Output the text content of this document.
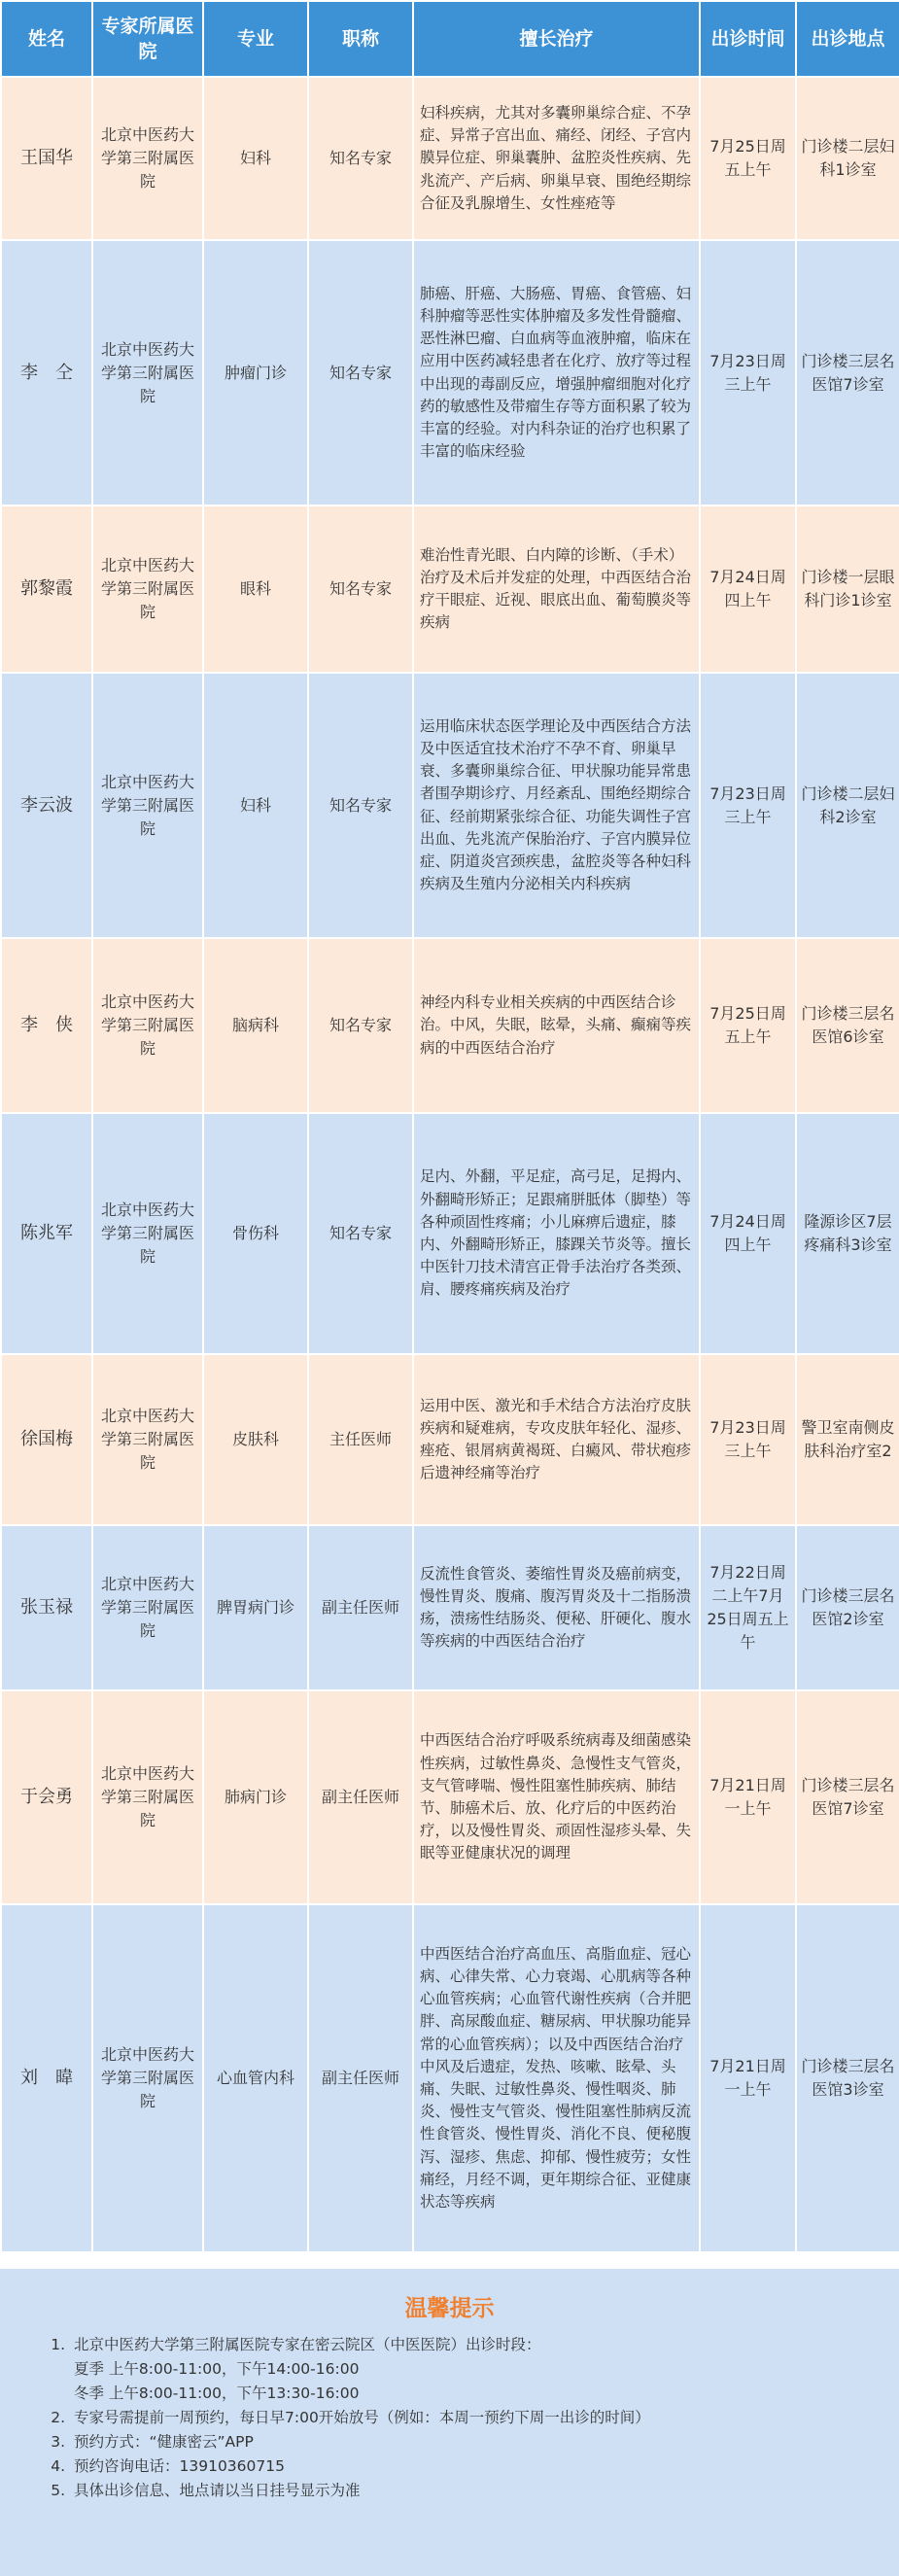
姓名	专家所属医院	专业	职称	擅长治疗	出诊时间	出诊地点
王国华	北京中医药大学第三附属医院	妇科	知名专家	妇科疾病，尤其对多囊卵巢综合症、不孕症、异常子宫出血、痛经、闭经、子宫内膜异位症、卵巢囊肿、盆腔炎性疾病、先兆流产、产后病、卵巢早衰、围绝经期综合征及乳腺增生、女性痤疮等	7月25日周五上午	门诊楼二层妇科1诊室
李　仝	北京中医药大学第三附属医院	肿瘤门诊	知名专家	肺癌、肝癌、大肠癌、胃癌、食管癌、妇科肿瘤等恶性实体肿瘤及多发性骨髓瘤、恶性淋巴瘤、白血病等血液肿瘤，临床在应用中医药减轻患者在化疗、放疗等过程中出现的毒副反应，增强肿瘤细胞对化疗药的敏感性及带瘤生存等方面积累了较为丰富的经验。对内科杂证的治疗也积累了丰富的临床经验	7月23日周三上午	门诊楼三层名医馆7诊室
郭黎霞	北京中医药大学第三附属医院	眼科	知名专家	难治性青光眼、白内障的诊断、（手术）治疗及术后并发症的处理，中西医结合治疗干眼症、近视、眼底出血、葡萄膜炎等疾病	7月24日周四上午	门诊楼一层眼科门诊1诊室
李云波	北京中医药大学第三附属医院	妇科	知名专家	运用临床状态医学理论及中西医结合方法及中医适宜技术治疗不孕不育、卵巢早衰、多囊卵巢综合征、甲状腺功能异常患者围孕期诊疗、月经紊乱、围绝经期综合征、经前期紧张综合征、功能失调性子宫出血、先兆流产保胎治疗、子宫内膜异位症、阴道炎宫颈疾患，盆腔炎等各种妇科疾病及生殖内分泌相关内科疾病	7月23日周三上午	门诊楼二层妇科2诊室
李　侠	北京中医药大学第三附属医院	脑病科	知名专家	神经内科专业相关疾病的中西医结合诊治。中风，失眠，眩晕，头痛、癫痫等疾病的中西医结合治疗	7月25日周五上午	门诊楼三层名医馆6诊室
陈兆军	北京中医药大学第三附属医院	骨伤科	知名专家	足内、外翻，平足症，高弓足，足拇内、外翻畸形矫正；足跟痛胼胝体（脚垫）等各种顽固性疼痛；小儿麻痹后遗症，膝内、外翻畸形矫正，膝踝关节炎等。擅长中医针刀技术清宫正骨手法治疗各类颈、肩、腰疼痛疾病及治疗	7月24日周四上午	隆源诊区7层疼痛科3诊室
徐国梅	北京中医药大学第三附属医院	皮肤科	主任医师	运用中医、激光和手术结合方法治疗皮肤疾病和疑难病，专攻皮肤年轻化、湿疹、痤疮、银屑病黄褐斑、白癜风、带状疱疹后遗神经痛等治疗	7月23日周三上午	警卫室南侧皮肤科治疗室2
张玉禄	北京中医药大学第三附属医院	脾胃病门诊	副主任医师	反流性食管炎、萎缩性胃炎及癌前病变，慢性胃炎、腹痛、腹泻胃炎及十二指肠溃疡，溃疡性结肠炎、便秘、肝硬化、腹水等疾病的中西医结合治疗	7月22日周二上午7月25日周五上午	门诊楼三层名医馆2诊室
于会勇	北京中医药大学第三附属医院	肺病门诊	副主任医师	中西医结合治疗呼吸系统病毒及细菌感染性疾病，过敏性鼻炎、急慢性支气管炎，支气管哮喘、慢性阻塞性肺疾病、肺结节、肺癌术后、放、化疗后的中医药治疗，以及慢性胃炎、顽固性湿疹头晕、失眠等亚健康状况的调理	7月21日周一上午	门诊楼三层名医馆7诊室
刘　暐	北京中医药大学第三附属医院	心血管内科	副主任医师	中西医结合治疗高血压、高脂血症、冠心病、心律失常、心力衰竭、心肌病等各种心血管疾病；心血管代谢性疾病（合并肥胖、高尿酸血症、糖尿病、甲状腺功能异常的心血管疾病）；以及中西医结合治疗中风及后遗症，发热、咳嗽、眩晕、头痛、失眠、过敏性鼻炎、慢性咽炎、肺炎、慢性支气管炎、慢性阻塞性肺病反流性食管炎、慢性胃炎、消化不良、便秘腹泻、湿疹、焦虑、抑郁、慢性疲劳；女性痛经，月经不调，更年期综合征、亚健康状态等疾病	7月21日周一上午	门诊楼三层名医馆3诊室
温馨提示
1. 北京中医药大学第三附属医院专家在密云院区（中医医院）出诊时段：
夏季 上午8:00-11:00，下午14:00-16:00
冬季 上午8:00-11:00，下午13:30-16:00
2. 专家号需提前一周预约，每日早7:00开始放号（例如：本周一预约下周一出诊的时间）
3. 预约方式：“健康密云”APP
4. 预约咨询电话：13910360715
5. 具体出诊信息、地点请以当日挂号显示为准
